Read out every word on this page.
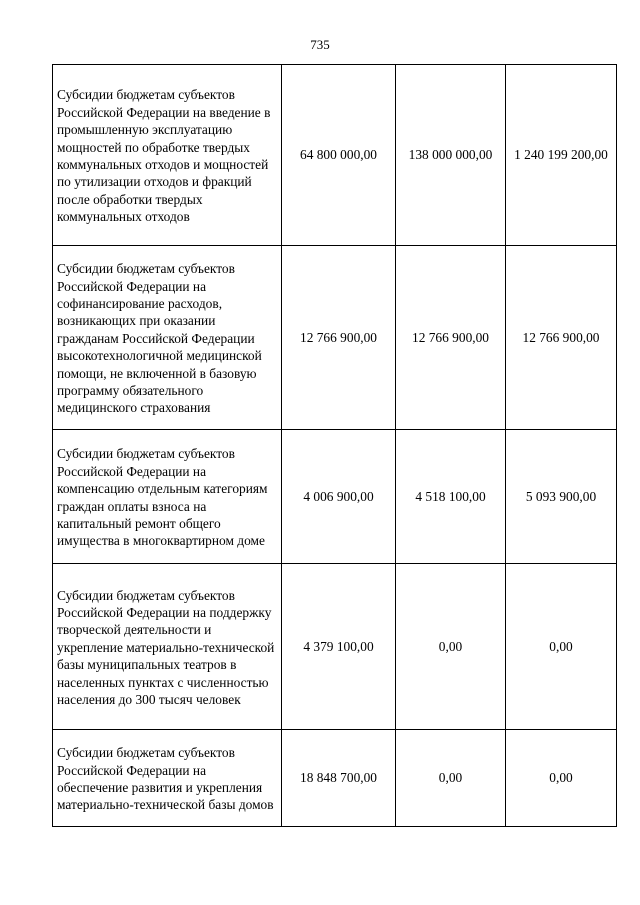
735
Субсидии бюджетам субъектов Российской Федерации на введение в промышленную эксплуатацию мощностей по обработке твердых коммунальных отходов и мощностей по утилизации отходов и фракций после обработки твердых коммунальных отходов	64 800 000,00	138 000 000,00	1 240 199 200,00
Субсидии бюджетам субъектов Российской Федерации на софинансирование расходов, возникающих при оказании гражданам Российской Федерации высокотехнологичной медицинской помощи, не включенной в базовую программу обязательного медицинского страхования	12 766 900,00	12 766 900,00	12 766 900,00
Субсидии бюджетам субъектов Российской Федерации на компенсацию отдельным категориям граждан оплаты взноса на капитальный ремонт общего имущества в многоквартирном доме	4 006 900,00	4 518 100,00	5 093 900,00
Субсидии бюджетам субъектов Российской Федерации на поддержку творческой деятельности и укрепление материально-технической базы муниципальных театров в населенных пунктах с численностью населения до 300 тысяч человек	4 379 100,00	0,00	0,00
Субсидии бюджетам субъектов Российской Федерации на обеспечение развития и укрепления материально-технической базы домов	18 848 700,00	0,00	0,00
